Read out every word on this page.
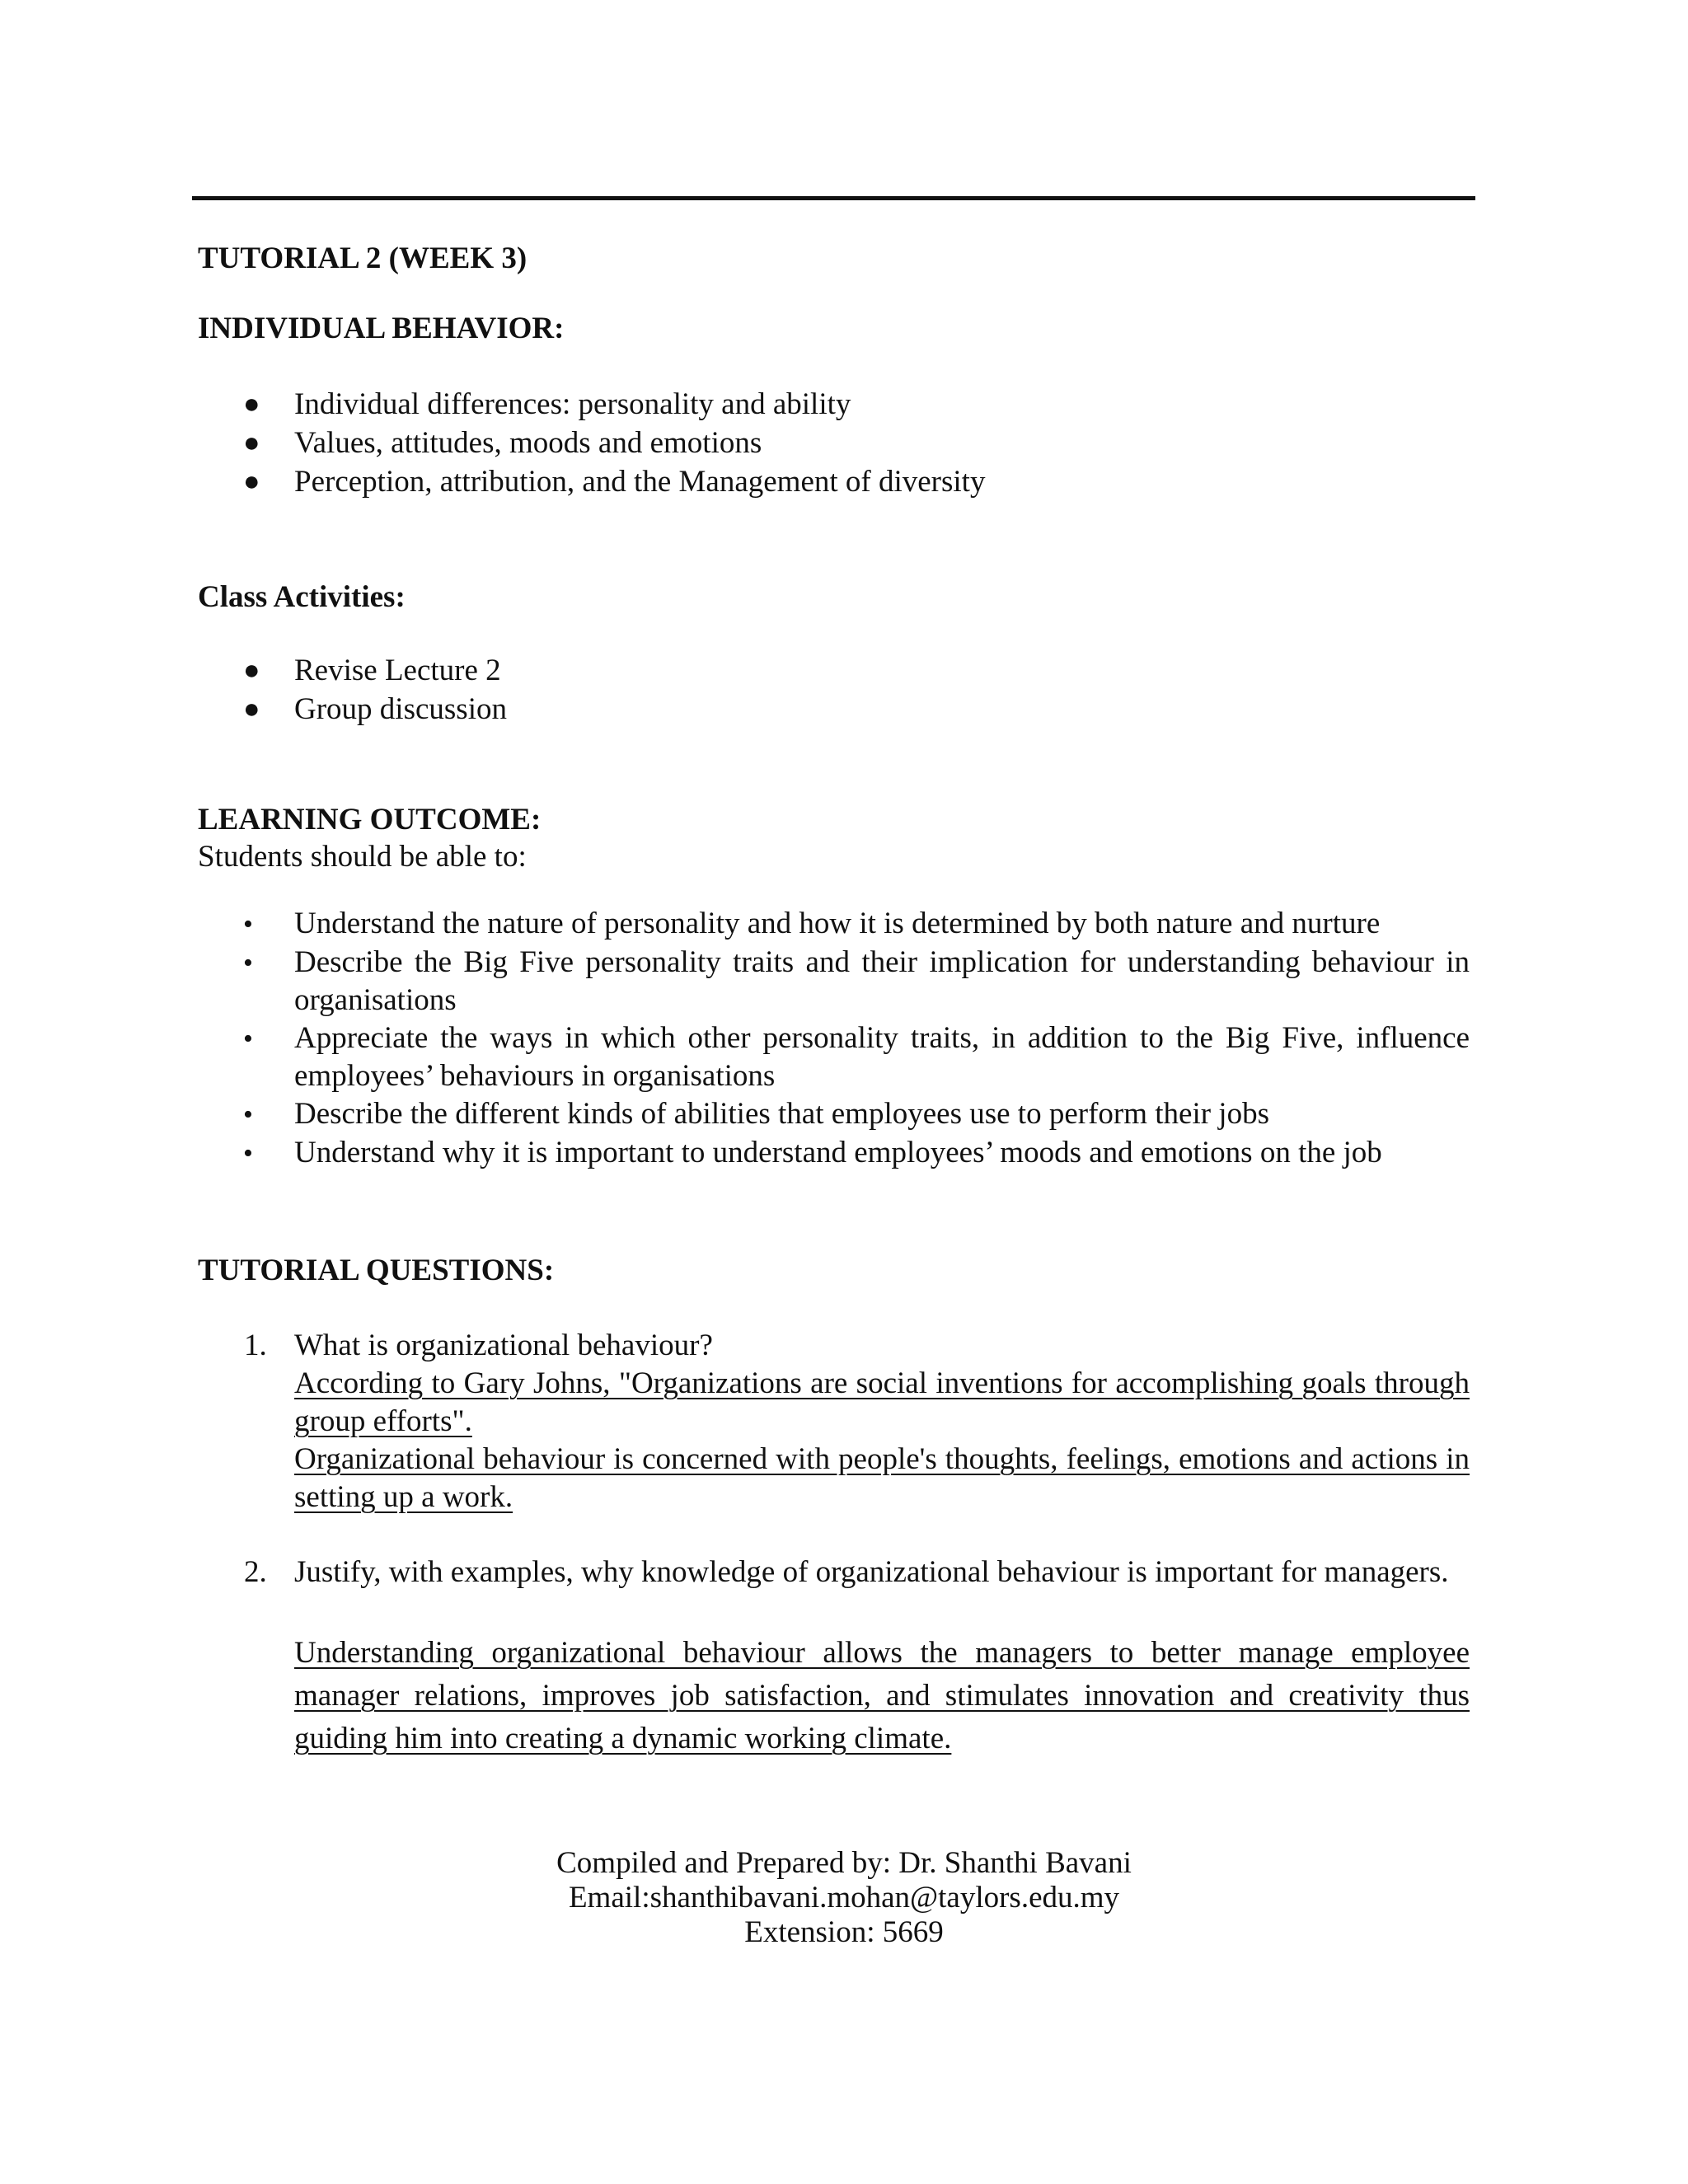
TUTORIAL 2 (WEEK 3)
INDIVIDUAL BEHAVIOR:
● Individual differences: personality and ability
● Values, attitudes, moods and emotions
● Perception, attribution, and the Management of diversity
Class Activities:
● Revise Lecture 2
● Group discussion
LEARNING OUTCOME:
Students should be able to:
• Understand the nature of personality and how it is determined by both nature and nurture
• Describe the Big Five personality traits and their implication for understanding behaviour in organisations
• Appreciate the ways in which other personality traits, in addition to the Big Five, influence employees’ behaviours in organisations
• Describe the different kinds of abilities that employees use to perform their jobs
• Understand why it is important to understand employees’ moods and emotions on the job
TUTORIAL QUESTIONS:
1. What is organizational behaviour?
According to Gary Johns, "Organizations are social inventions for accomplishing goals through group efforts".
Organizational behaviour is concerned with people's thoughts, feelings, emotions and actions in setting up a work.
2. Justify, with examples, why knowledge of organizational behaviour is important for managers.
Understanding organizational behaviour allows the managers to better manage employee manager relations, improves job satisfaction, and stimulates innovation and creativity thus guiding him into creating a dynamic working climate.
Compiled and Prepared by: Dr. Shanthi Bavani
Email:shanthibavani.mohan@taylors.edu.my
Extension: 5669
